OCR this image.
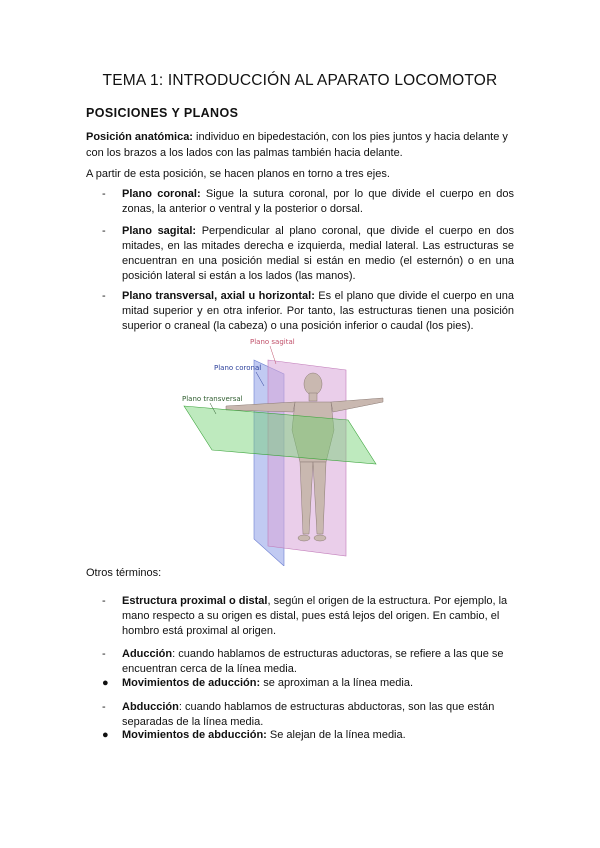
TEMA 1: INTRODUCCIÓN AL APARATO LOCOMOTOR
POSICIONES Y PLANOS
Posición anatómica: individuo en bipedestación, con los pies juntos y hacia delante y con los brazos a los lados con las palmas también hacia delante.
A partir de esta posición, se hacen planos en torno a tres ejes.
-	Plano coronal: Sigue la sutura coronal, por lo que divide el cuerpo en dos zonas, la anterior o ventral y la posterior o dorsal.
-	Plano sagital: Perpendicular al plano coronal, que divide el cuerpo en dos mitades, en las mitades derecha e izquierda, medial lateral. Las estructuras se encuentran en una posición medial si están en medio (el esternón) o en una posición lateral si están a los lados (las manos).
-	Plano transversal, axial u horizontal: Es el plano que divide el cuerpo en una mitad superior y en otra inferior. Por tanto, las estructuras tienen una posición superior o craneal (la cabeza) o una posición inferior o caudal (los pies).
Plano sagital
Plano coronal
Plano transversal
Otros términos:
-	Estructura proximal o distal, según el origen de la estructura. Por ejemplo, la mano respecto a su origen es distal, pues está lejos del origen. En cambio, el hombro está proximal al origen.
-	Aducción: cuando hablamos de estructuras aductoras, se refiere a las que se encuentran cerca de la línea media.
●	Movimientos de aducción: se aproximan a la línea media.
-	Abducción: cuando hablamos de estructuras abductoras, son las que están separadas de la línea media.
●	Movimientos de abducción: Se alejan de la línea media.
